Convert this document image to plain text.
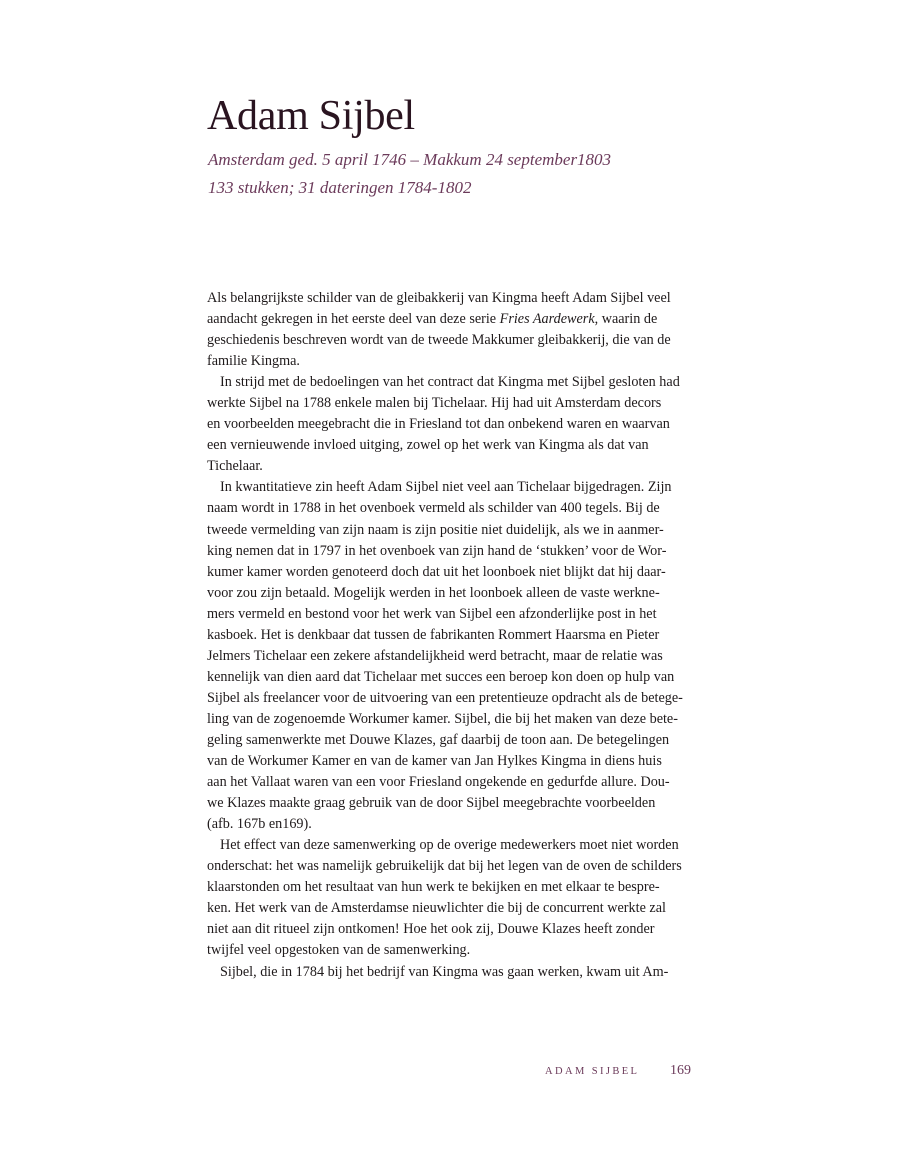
Adam Sijbel

Amsterdam ged. 5 april 1746 – Makkum 24 september1803

133 stukken; 31 dateringen 1784-1802

Als belangrijkste schilder van de gleibakkerij van Kingma heeft Adam Sijbel veel
aandacht gekregen in het eerste deel van deze serie Fries Aardewerk, waarin de
geschiedenis beschreven wordt van de tweede Makkumer gleibakkerij, die van de
familie Kingma.
In strijd met de bedoelingen van het contract dat Kingma met Sijbel gesloten had
werkte Sijbel na 1788 enkele malen bij Tichelaar. Hij had uit Amsterdam decors
en voorbeelden meegebracht die in Friesland tot dan onbekend waren en waarvan
een vernieuwende invloed uitging, zowel op het werk van Kingma als dat van
Tichelaar.
In kwantitatieve zin heeft Adam Sijbel niet veel aan Tichelaar bijgedragen. Zijn
naam wordt in 1788 in het ovenboek vermeld als schilder van 400 tegels. Bij de
tweede vermelding van zijn naam is zijn positie niet duidelijk, als we in aanmer-
king nemen dat in 1797 in het ovenboek van zijn hand de ‘stukken’ voor de Wor-
kumer kamer worden genoteerd doch dat uit het loonboek niet blijkt dat hij daar-
voor zou zijn betaald. Mogelijk werden in het loonboek alleen de vaste werkne-
mers vermeld en bestond voor het werk van Sijbel een afzonderlijke post in het
kasboek. Het is denkbaar dat tussen de fabrikanten Rommert Haarsma en Pieter
Jelmers Tichelaar een zekere afstandelijkheid werd betracht, maar de relatie was
kennelijk van dien aard dat Tichelaar met succes een beroep kon doen op hulp van
Sijbel als freelancer voor de uitvoering van een pretentieuze opdracht als de betege-
ling van de zogenoemde Workumer kamer. Sijbel, die bij het maken van deze bete-
geling samenwerkte met Douwe Klazes, gaf daarbij de toon aan. De betegelingen
van de Workumer Kamer en van de kamer van Jan Hylkes Kingma in diens huis
aan het Vallaat waren van een voor Friesland ongekende en gedurfde allure. Dou-
we Klazes maakte graag gebruik van de door Sijbel meegebrachte voorbeelden
(afb. 167b en169).
Het effect van deze samenwerking op de overige medewerkers moet niet worden
onderschat: het was namelijk gebruikelijk dat bij het legen van de oven de schilders
klaarstonden om het resultaat van hun werk te bekijken en met elkaar te bespre-
ken. Het werk van de Amsterdamse nieuwlichter die bij de concurrent werkte zal
niet aan dit ritueel zijn ontkomen! Hoe het ook zij, Douwe Klazes heeft zonder
twijfel veel opgestoken van de samenwerking.
Sijbel, die in 1784 bij het bedrijf van Kingma was gaan werken, kwam uit Am-
ADAM SIJBEL 169
